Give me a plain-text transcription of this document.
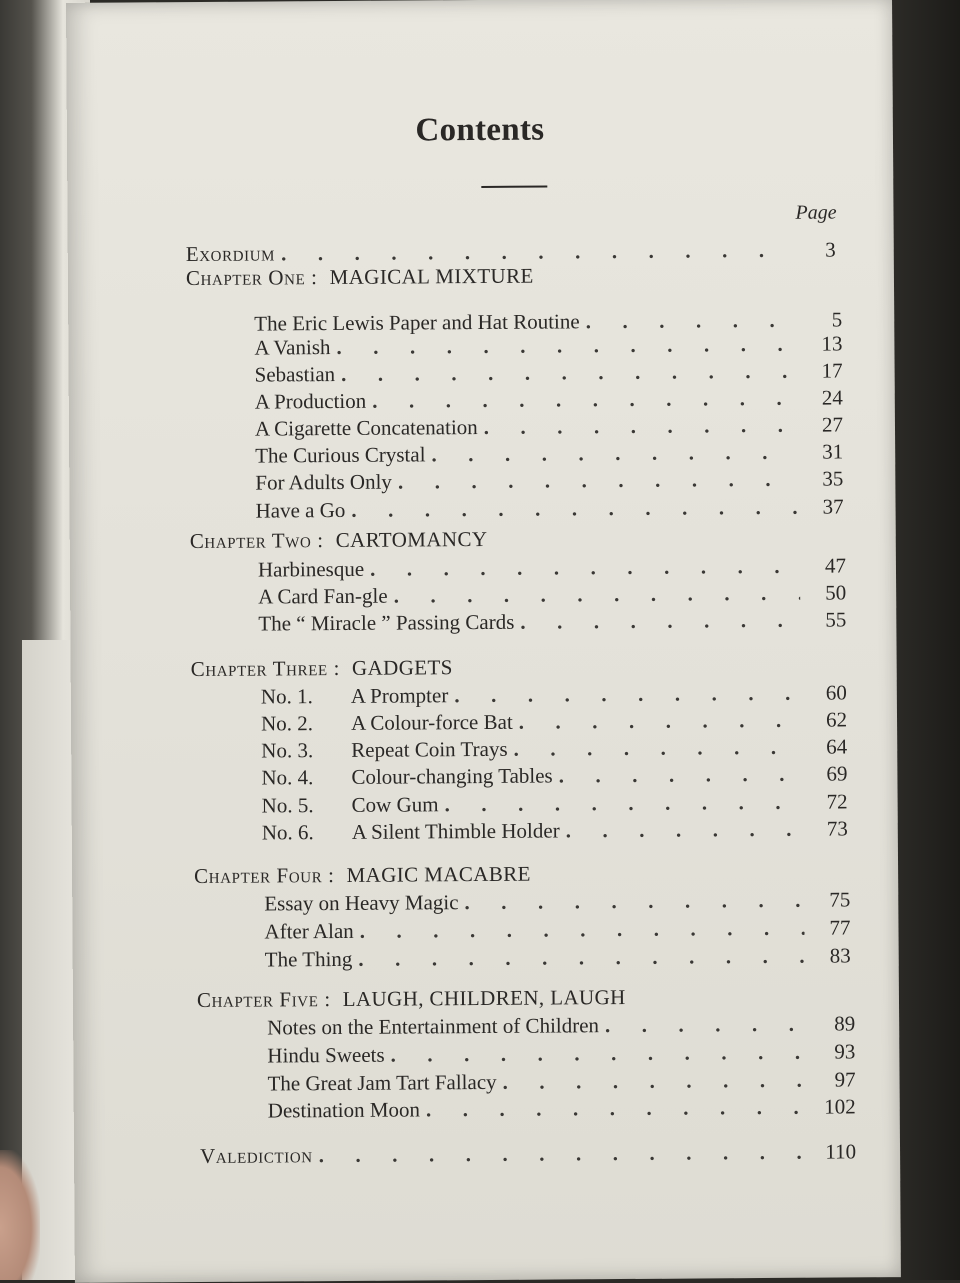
Contents
Page
Exordium .	3
Chapter One : MAGICAL MIXTURE
The Eric Lewis Paper and Hat Routine .	5
A Vanish .	13
Sebastian .	17
A Production .	24
A Cigarette Concatenation .	27
The Curious Crystal .	31
For Adults Only .	35
Have a Go .	37
Chapter Two : CARTOMANCY
Harbinesque .	47
A Card Fan-gle .	50
The “ Miracle ” Passing Cards .	55
Chapter Three : GADGETS
No. 1. A Prompter .	60
No. 2. A Colour-force Bat .	62
No. 3. Repeat Coin Trays .	64
No. 4. Colour-changing Tables .	69
No. 5. Cow Gum .	72
No. 6. A Silent Thimble Holder .	73
Chapter Four : MAGIC MACABRE
Essay on Heavy Magic .	75
After Alan .	77
The Thing .	83
Chapter Five : LAUGH, CHILDREN, LAUGH
Notes on the Entertainment of Children .	89
Hindu Sweets .	93
The Great Jam Tart Fallacy .	97
Destination Moon .	102
Valediction .	110
